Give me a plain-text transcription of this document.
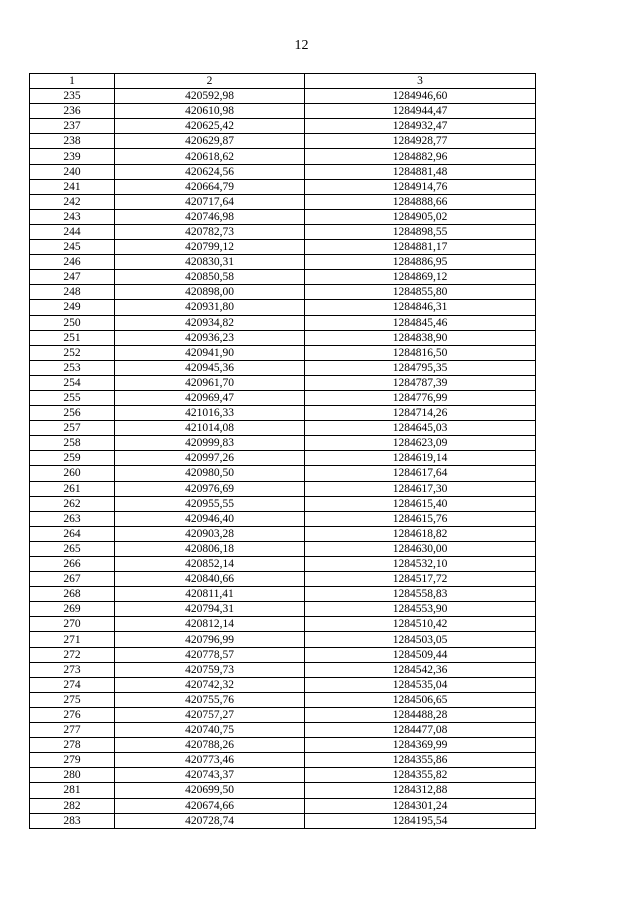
12
1	2	3
235	420592,98	1284946,60
236	420610,98	1284944,47
237	420625,42	1284932,47
238	420629,87	1284928,77
239	420618,62	1284882,96
240	420624,56	1284881,48
241	420664,79	1284914,76
242	420717,64	1284888,66
243	420746,98	1284905,02
244	420782,73	1284898,55
245	420799,12	1284881,17
246	420830,31	1284886,95
247	420850,58	1284869,12
248	420898,00	1284855,80
249	420931,80	1284846,31
250	420934,82	1284845,46
251	420936,23	1284838,90
252	420941,90	1284816,50
253	420945,36	1284795,35
254	420961,70	1284787,39
255	420969,47	1284776,99
256	421016,33	1284714,26
257	421014,08	1284645,03
258	420999,83	1284623,09
259	420997,26	1284619,14
260	420980,50	1284617,64
261	420976,69	1284617,30
262	420955,55	1284615,40
263	420946,40	1284615,76
264	420903,28	1284618,82
265	420806,18	1284630,00
266	420852,14	1284532,10
267	420840,66	1284517,72
268	420811,41	1284558,83
269	420794,31	1284553,90
270	420812,14	1284510,42
271	420796,99	1284503,05
272	420778,57	1284509,44
273	420759,73	1284542,36
274	420742,32	1284535,04
275	420755,76	1284506,65
276	420757,27	1284488,28
277	420740,75	1284477,08
278	420788,26	1284369,99
279	420773,46	1284355,86
280	420743,37	1284355,82
281	420699,50	1284312,88
282	420674,66	1284301,24
283	420728,74	1284195,54
